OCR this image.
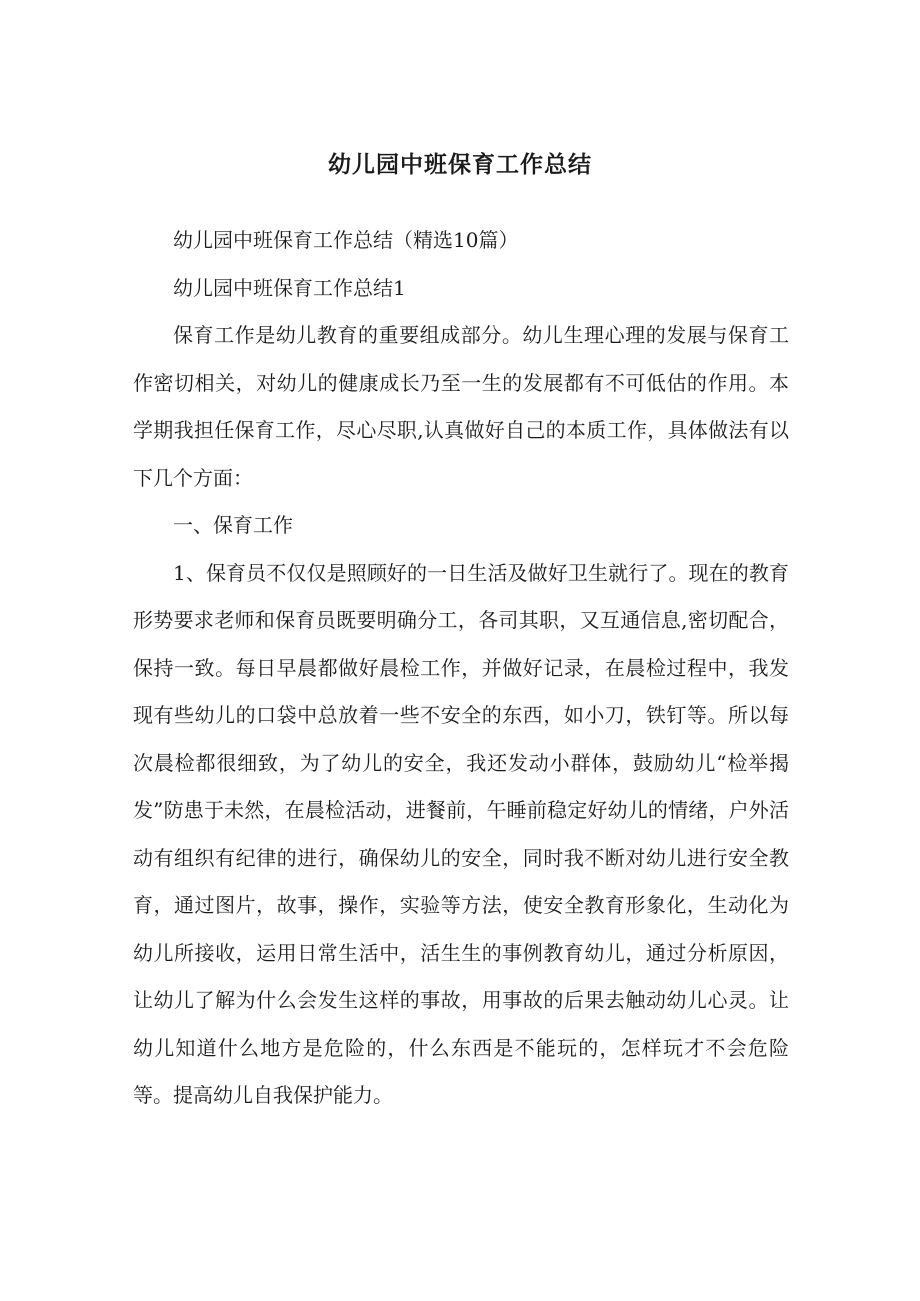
幼儿园中班保育工作总结

幼儿园中班保育工作总结（精选10篇）

幼儿园中班保育工作总结1

保育工作是幼儿教育的重要组成部分。幼儿生理心理的发展与保育工作密切相关，对幼儿的健康成长乃至一生的发展都有不可低估的作用。本学期我担任保育工作，尽心尽职,认真做好自己的本质工作，具体做法有以下几个方面：

一、保育工作

1、保育员不仅仅是照顾好的一日生活及做好卫生就行了。现在的教育形势要求老师和保育员既要明确分工，各司其职，又互通信息,密切配合，保持一致。每日早晨都做好晨检工作，并做好记录，在晨检过程中，我发现有些幼儿的口袋中总放着一些不安全的东西，如小刀，铁钉等。所以每次晨检都很细致，为了幼儿的安全，我还发动小群体，鼓励幼儿“检举揭发”防患于未然，在晨检活动，进餐前，午睡前稳定好幼儿的情绪，户外活动有组织有纪律的进行，确保幼儿的安全，同时我不断对幼儿进行安全教育，通过图片，故事，操作，实验等方法，使安全教育形象化，生动化为幼儿所接收，运用日常生活中，活生生的事例教育幼儿，通过分析原因，让幼儿了解为什么会发生这样的事故，用事故的后果去触动幼儿心灵。让幼儿知道什么地方是危险的，什么东西是不能玩的，怎样玩才不会危险等。提高幼儿自我保护能力。
